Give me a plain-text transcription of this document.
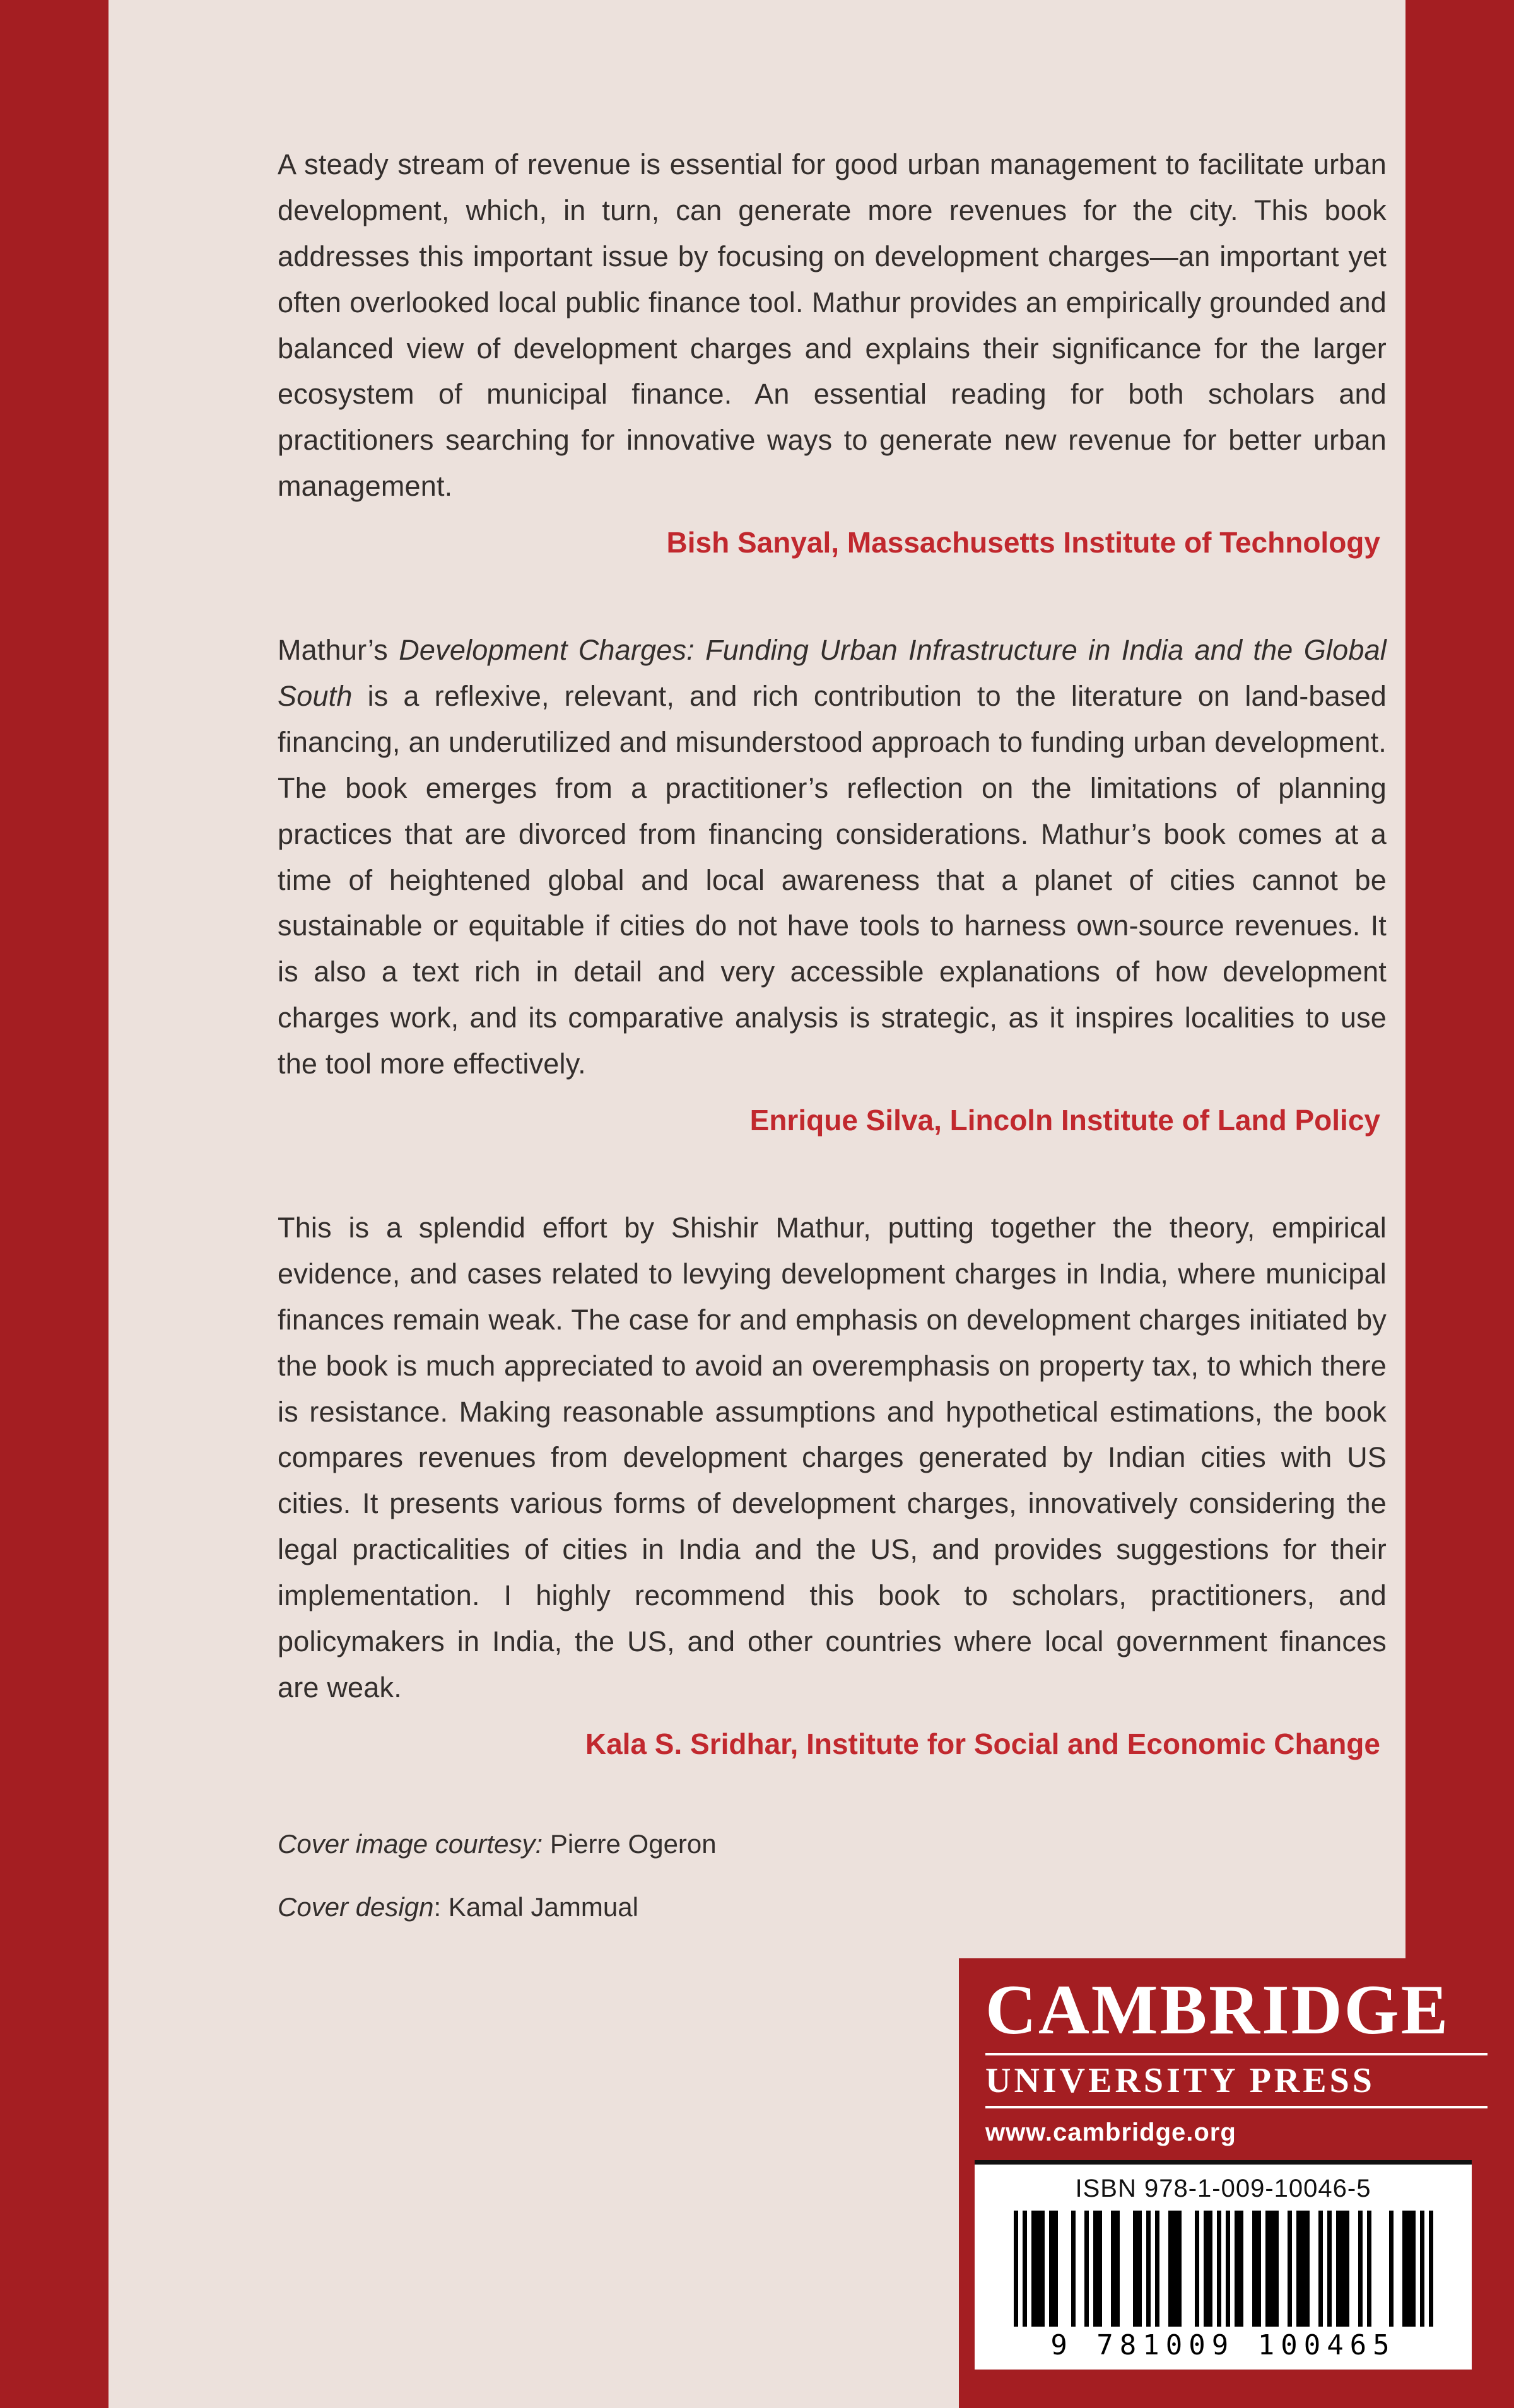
A steady stream of revenue is essential for good urban management to facilitate urban development, which, in turn, can generate more revenues for the city. This book addresses this important issue by focusing on development charges—an important yet often overlooked local public finance tool. Mathur provides an empirically grounded and balanced view of development charges and explains their significance for the larger ecosystem of municipal finance. An essential reading for both scholars and practitioners searching for innovative ways to generate new revenue for better urban management.

Bish Sanyal, Massachusetts Institute of Technology

Mathur’s Development Charges: Funding Urban Infrastructure in India and the Global South is a reflexive, relevant, and rich contribution to the literature on land-based financing, an underutilized and misunderstood approach to funding urban development. The book emerges from a practitioner’s reflection on the limitations of planning practices that are divorced from financing considerations. Mathur’s book comes at a time of heightened global and local awareness that a planet of cities cannot be sustainable or equitable if cities do not have tools to harness own-source revenues. It is also a text rich in detail and very accessible explanations of how development charges work, and its comparative analysis is strategic, as it inspires localities to use the tool more effectively.

Enrique Silva, Lincoln Institute of Land Policy

This is a splendid effort by Shishir Mathur, putting together the theory, empirical evidence, and cases related to levying development charges in India, where municipal finances remain weak. The case for and emphasis on development charges initiated by the book is much appreciated to avoid an overemphasis on property tax, to which there is resistance. Making reasonable assumptions and hypothetical estimations, the book compares revenues from development charges generated by Indian cities with US cities. It presents various forms of development charges, innovatively considering the legal practicalities of cities in India and the US, and provides suggestions for their implementation. I highly recommend this book to scholars, practitioners, and policymakers in India, the US, and other countries where local government finances are weak.

Kala S. Sridhar, Institute for Social and Economic Change

Cover image courtesy: Pierre Ogeron

Cover design: Kamal Jammual

CAMBRIDGE
UNIVERSITY PRESS
www.cambridge.org
ISBN 978-1-009-10046-5
9 781009 100465
